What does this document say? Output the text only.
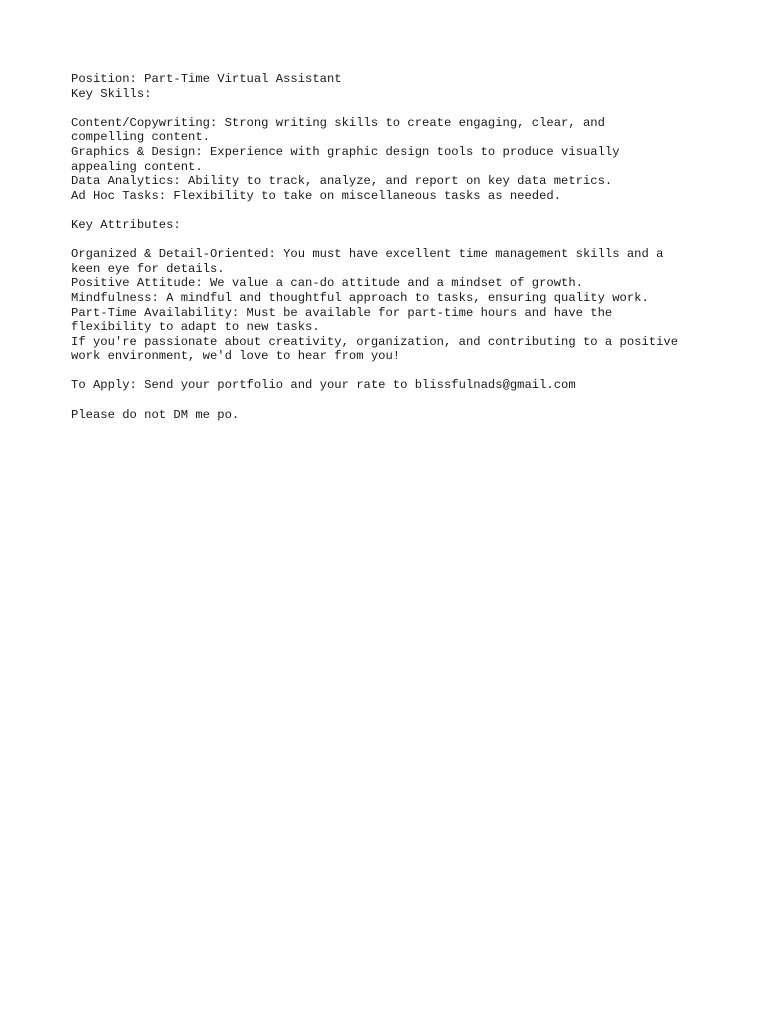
Position: Part-Time Virtual Assistant

Key Skills:

Content/Copywriting: Strong writing skills to create engaging, clear, and

compelling content.

Graphics & Design: Experience with graphic design tools to produce visually

appealing content.

Data Analytics: Ability to track, analyze, and report on key data metrics.

Ad Hoc Tasks: Flexibility to take on miscellaneous tasks as needed.

Key Attributes:

Organized & Detail-Oriented: You must have excellent time management skills and a

keen eye for details.

Positive Attitude: We value a can-do attitude and a mindset of growth.

Mindfulness: A mindful and thoughtful approach to tasks, ensuring quality work.

Part-Time Availability: Must be available for part-time hours and have the

flexibility to adapt to new tasks.

If you're passionate about creativity, organization, and contributing to a positive

work environment, we'd love to hear from you!

To Apply: Send your portfolio and your rate to blissfulnads@gmail.com

Please do not DM me po.
